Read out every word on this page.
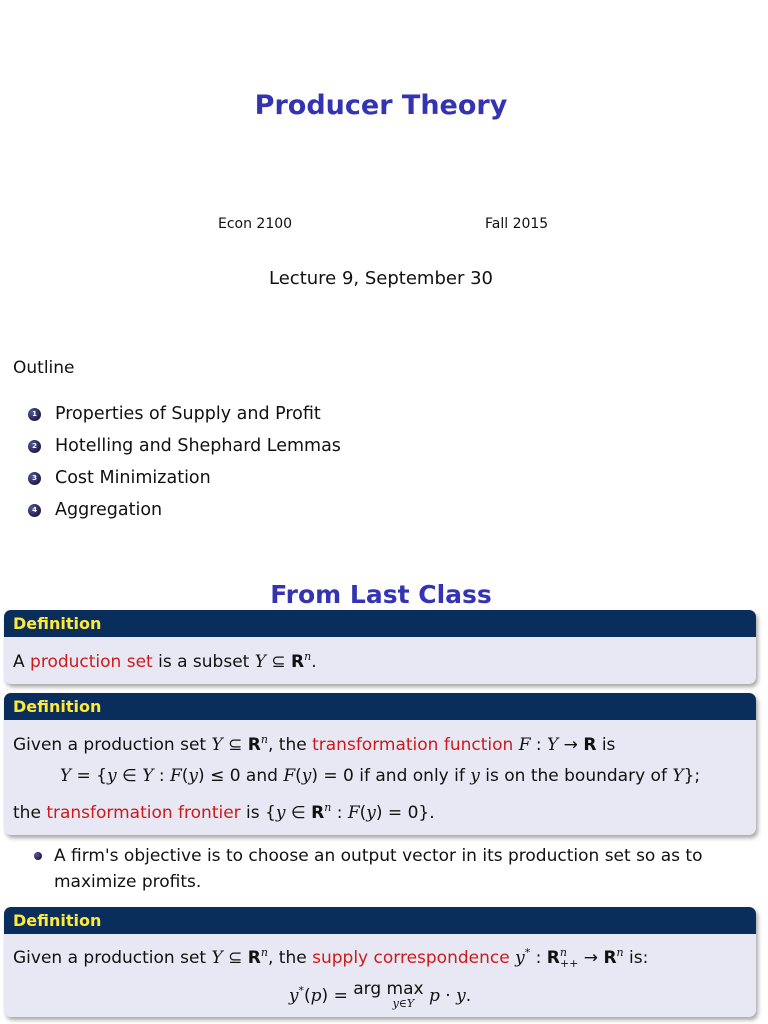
Producer Theory
Econ 2100	Fall 2015
Lecture 9, September 30
Outline
1 Properties of Supply and Profit
2 Hotelling and Shephard Lemmas
3 Cost Minimization
4 Aggregation
From Last Class
Definition
A production set is a subset Y ⊆ $R^n$.
Definition
Given a production set Y ⊆ $R^n$, the transformation function F : Y → R is
Y = {y ∈ Y : F(y) ≤ 0 and F(y) = 0 if and only if y is on the boundary of Y};
the transformation frontier is {y ∈ $R^n$ : F(y) = 0}.
A firm's objective is to choose an output vector in its production set so as to maximize profits.
Definition
Given a production set Y ⊆ $R^n$, the supply correspondence y* : $R^n_{++} \to R^n$ is:
y*(p) = arg max

y∈Y p · y.
